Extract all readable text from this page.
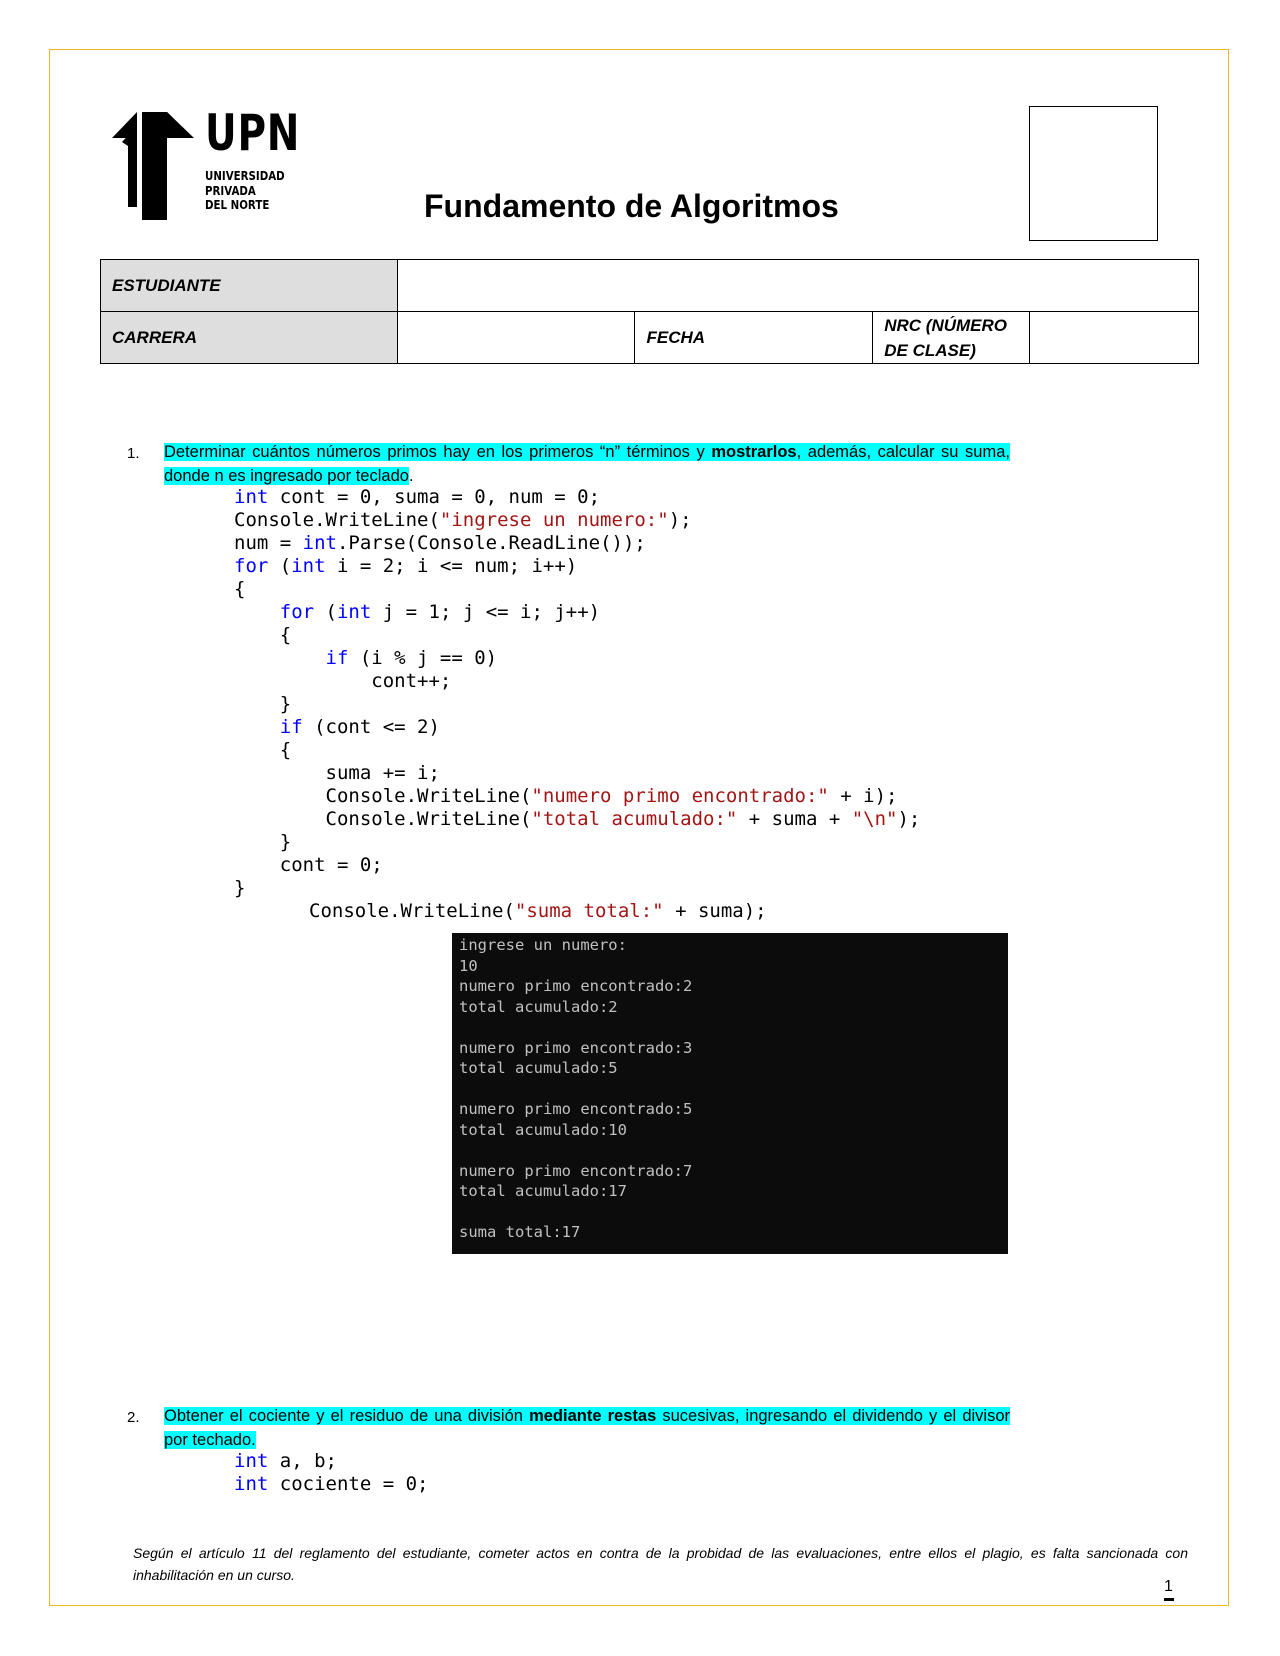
UPN
UNIVERSIDAD
PRIVADA
DEL NORTE	Fundamento de Algoritmos
ESTUDIANTE				
CARRERA		FECHA	NRC (NÚMERO
DE CLASE)	
1. Determinar cuántos números primos hay en los primeros “n” términos y mostrarlos, además, calcular su suma, donde n es ingresado por teclado.
int cont = 0, suma = 0, num = 0;
Console.WriteLine("ingrese un numero:");
num = int.Parse(Console.ReadLine());
for (int i = 2; i <= num; i++)
{
for (int j = 1; j <= i; j++)
{
if (i % j == 0)
cont++;
}
if (cont <= 2)
{
suma += i;
Console.WriteLine("numero primo encontrado:" + i);
Console.WriteLine("total acumulado:" + suma + "\n");
}
cont = 0;
}
Console.WriteLine("suma total:" + suma);
ingrese un numero:
10
numero primo encontrado:2
total acumulado:2

numero primo encontrado:3
total acumulado:5

numero primo encontrado:5
total acumulado:10

numero primo encontrado:7
total acumulado:17

suma total:17
2. Obtener el cociente y el residuo de una división mediante restas sucesivas, ingresando el dividendo y el divisor por techado.
int a, b;
int cociente = 0;
Según el artículo 11 del reglamento del estudiante, cometer actos en contra de la probidad de las evaluaciones, entre ellos el plagio, es falta sancionada con inhabilitación en un curso.
1
